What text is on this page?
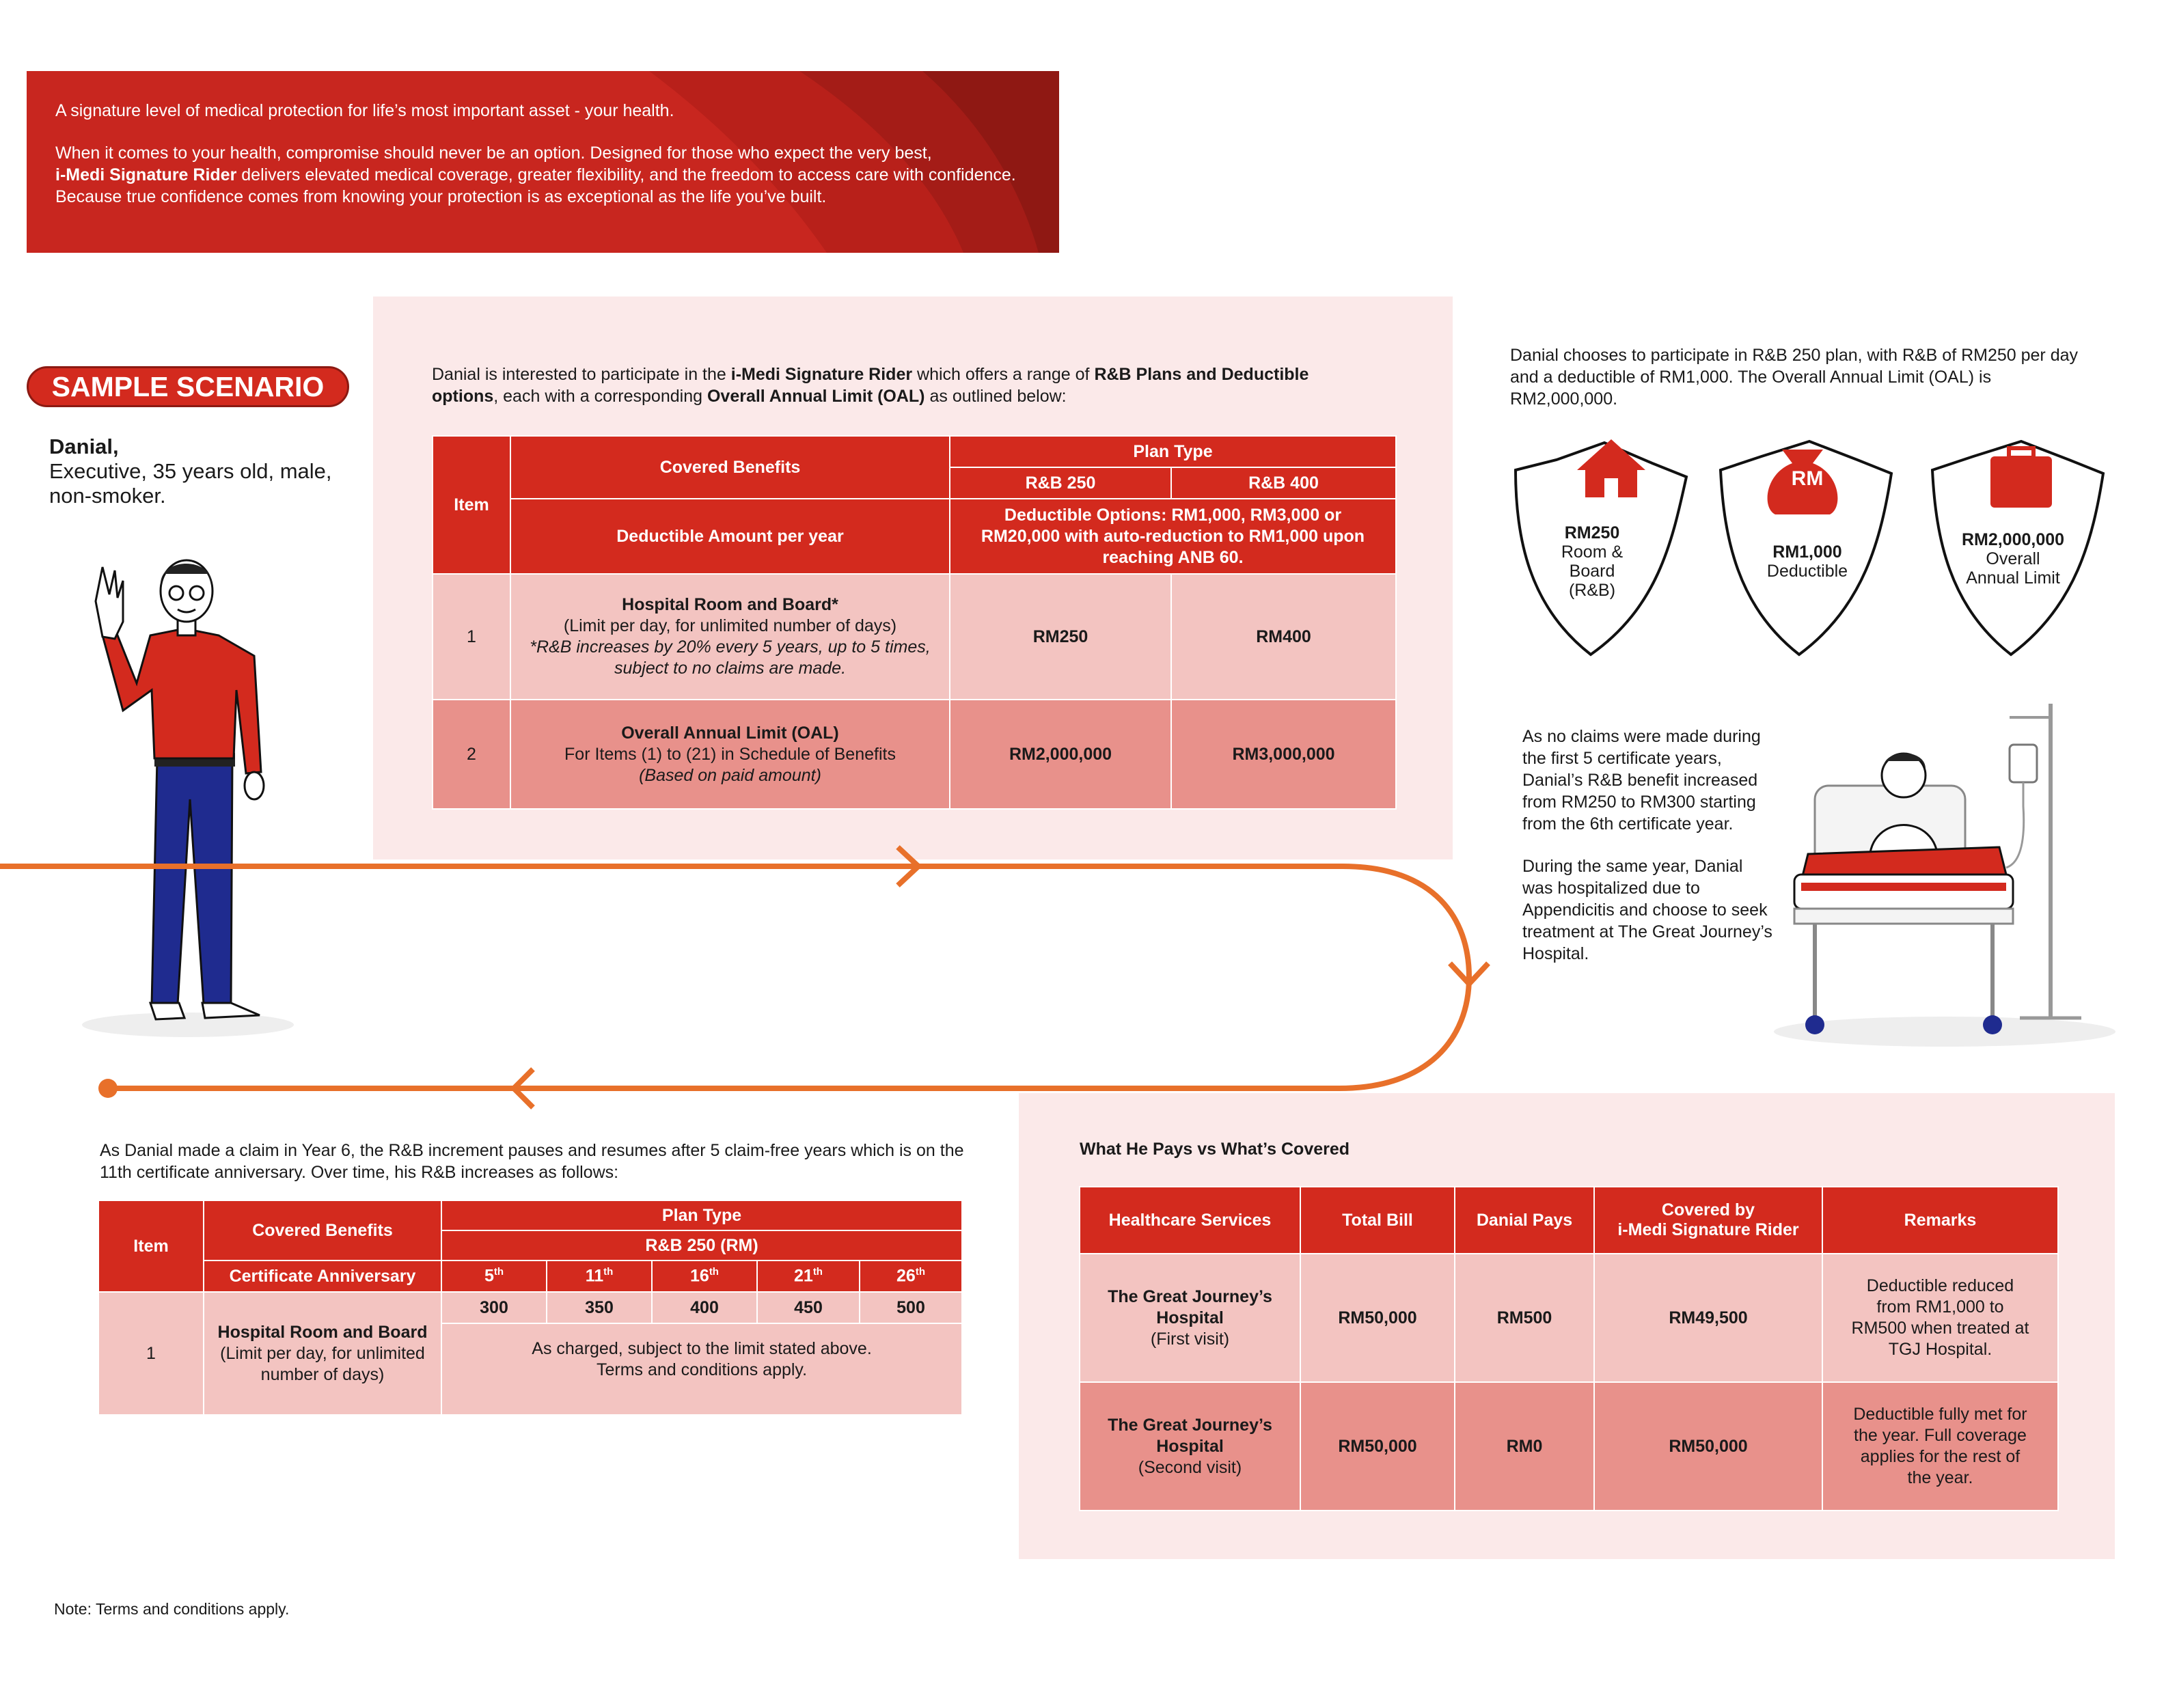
A signature level of medical protection for life’s most important asset - your health.

When it comes to your health, compromise should never be an option. Designed for those who expect the very best,
i-Medi Signature Rider delivers elevated medical coverage, greater flexibility, and the freedom to access care with confidence. Because true confidence comes from knowing your protection is as exceptional as the life you’ve built.

SAMPLE SCENARIO
Danial,
Executive, 35 years old, male, non-smoker.
Danial is interested to participate in the i-Medi Signature Rider which offers a range of R&B Plans and Deductible options, each with a corresponding Overall Annual Limit (OAL) as outlined below:
Item	Covered Benefits	Plan Type	
		R&B 250	R&B 400
	Deductible Amount per year	Deductible Options: RM1,000, RM3,000 or RM20,000 with auto-reduction to RM1,000 upon reaching ANB 60.	
1	Hospital Room and Board*
(Limit per day, for unlimited number of days)
*R&B increases by 20% every 5 years, up to 5 times, subject to no claims are made.	RM250	RM400
2	Overall Annual Limit (OAL)
For Items (1) to (21) in Schedule of Benefits
(Based on paid amount)	RM2,000,000	RM3,000,000
Danial chooses to participate in R&B 250 plan, with R&B of RM250 per day and a deductible of RM1,000. The Overall Annual Limit (OAL) is RM2,000,000.
RM250
Room &
Board
(R&B)
RM
RM1,000
Deductible
RM2,000,000
Overall
Annual Limit
As no claims were made during the first 5 certificate years, Danial’s R&B benefit increased from RM250 to RM300 starting from the 6th certificate year.
During the same year, Danial was hospitalized due to Appendicitis and choose to seek treatment at The Great Journey’s Hospital.
As Danial made a claim in Year 6, the R&B increment pauses and resumes after 5 claim-free years which is on the 11th certificate anniversary. Over time, his R&B increases as follows:
Item	Covered Benefits	Plan Type				
		R&B 250 (RM)				
	Certificate Anniversary	5th	11th	16th	21th	26th
1	Hospital Room and Board
(Limit per day, for unlimited number of days)	300	350	400	450	500
		As charged, subject to the limit stated above.
Terms and conditions apply.				
What He Pays vs What’s Covered
Healthcare Services	Total Bill	Danial Pays	Covered by
i-Medi Signature Rider	Remarks
The Great Journey’s Hospital
(First visit)	RM50,000	RM500	RM49,500	Deductible reduced from RM1,000 to RM500 when treated at TGJ Hospital.
The Great Journey’s Hospital
(Second visit)	RM50,000	RM0	RM50,000	Deductible fully met for the year. Full coverage applies for the rest of the year.
Note: Terms and conditions apply.
